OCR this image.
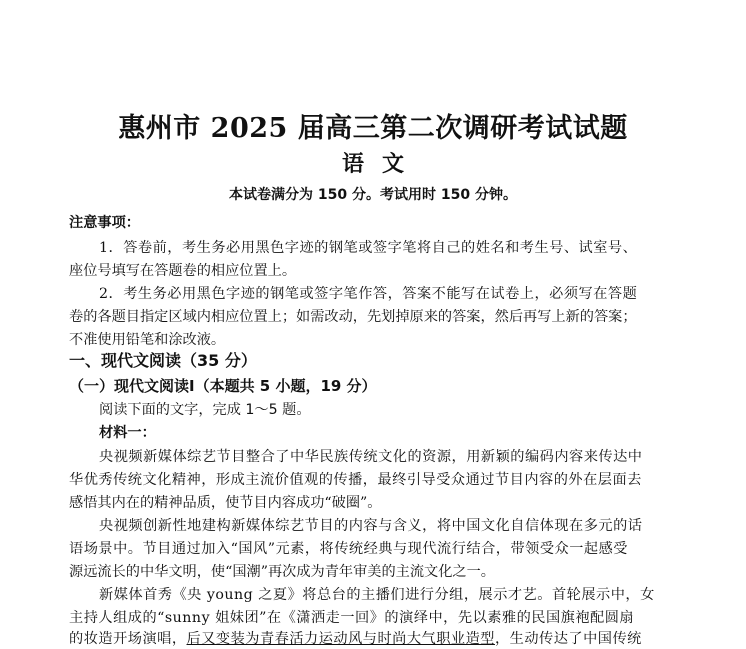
惠州市 2025 届高三第二次调研考试试题
语文
本试卷满分为 150 分。考试用时 150 分钟。
注意事项：
1．答卷前，考生务必用黑色字迹的钢笔或签字笔将自己的姓名和考生号、试室号、
座位号填写在答题卷的相应位置上。
2．考生务必用黑色字迹的钢笔或签字笔作答，答案不能写在试卷上，必须写在答题
卷的各题目指定区域内相应位置上；如需改动，先划掉原来的答案，然后再写上新的答案；
不准使用铅笔和涂改液。
一、现代文阅读（35 分）
（一）现代文阅读Ⅰ（本题共 5 小题，19 分）
阅读下面的文字，完成 1～5 题。
材料一：
央视频新媒体综艺节目整合了中华民族传统文化的资源，用新颖的编码内容来传达中
华优秀传统文化精神，形成主流价值观的传播，最终引导受众通过节目内容的外在层面去
感悟其内在的精神品质，使节目内容成功“破圈”。
央视频创新性地建构新媒体综艺节目的内容与含义，将中国文化自信体现在多元的话
语场景中。节目通过加入“国风”元素，将传统经典与现代流行结合，带领受众一起感受
源远流长的中华文明，使“国潮”再次成为青年审美的主流文化之一。
新媒体首秀《央 young 之夏》将总台的主播们进行分组，展示才艺。首轮展示中，女
主持人组成的“sunny 姐妹团”在《潇洒走一回》的演绎中，先以素雅的民国旗袍配圆扇
的妆造开场演唱，后又变装为青春活力运动风与时尚大气职业造型，生动传达了中国传统
